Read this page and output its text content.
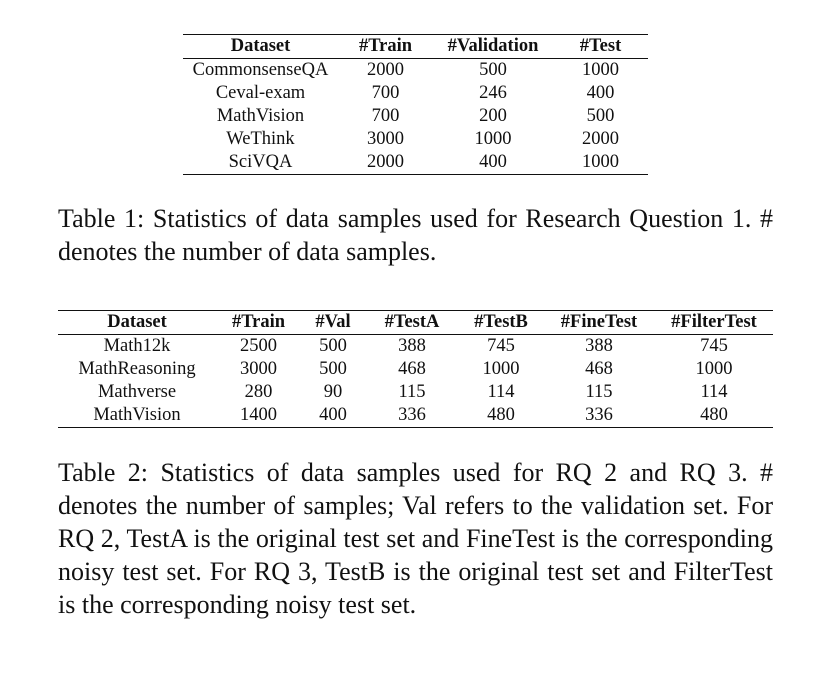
Dataset	#Train	#Validation	#Test
CommonsenseQA	2000	500	1000
Ceval-exam	700	246	400
MathVision	700	200	500
WeThink	3000	1000	2000
SciVQA	2000	400	1000

Table 1: Statistics of data samples used for Research Question 1. # denotes the number of data samples.

Dataset	#Train	#Val	#TestA	#TestB	#FineTest	#FilterTest
Math12k	2500	500	388	745	388	745
MathReasoning	3000	500	468	1000	468	1000
Mathverse	280	90	115	114	115	114
MathVision	1400	400	336	480	336	480

Table 2: Statistics of data samples used for RQ 2 and RQ 3. # denotes the number of samples; Val refers to the validation set. For RQ 2, TestA is the original test set and FineTest is the corresponding noisy test set. For RQ 3, TestB is the original test set and FilterTest is the corresponding noisy test set.
